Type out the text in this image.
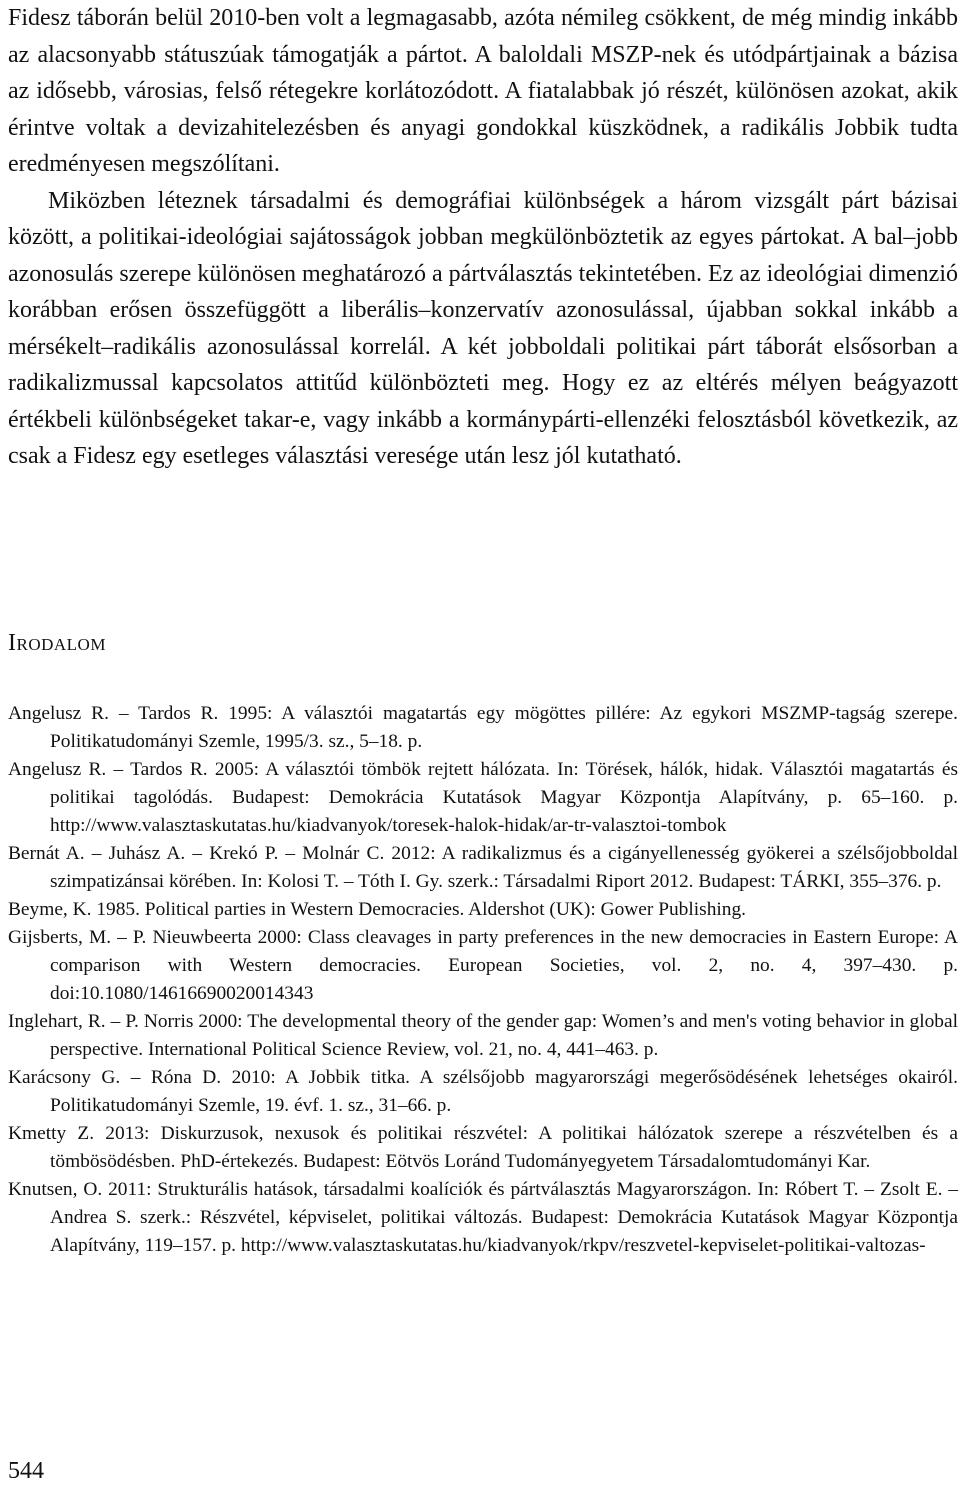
Fidesz táborán belül 2010-ben volt a legmagasabb, azóta némileg csökkent, de még mindig inkább az alacsonyabb státuszúak támogatják a pártot. A baloldali MSZP-nek és utódpártjainak a bázisa az idősebb, városias, felső rétegekre korlátozódott. A fiatalabbak jó részét, különösen azokat, akik érintve voltak a devizahitelezésben és anyagi gondokkal küszködnek, a radikális Jobbik tudta eredményesen megszólítani.

Miközben léteznek társadalmi és demográfiai különbségek a három vizsgált párt bázisai között, a politikai-ideológiai sajátosságok jobban megkülönböztetik az egyes pártokat. A bal–jobb azonosulás szerepe különösen meghatározó a pártválasztás tekintetében. Ez az ideológiai dimenzió korábban erősen összefüggött a liberális–konzervatív azonosulással, újabban sokkal inkább a mérsékelt–radikális azonosulással korrelál. A két jobboldali politikai párt táborát elsősorban a radikalizmussal kapcsolatos attitűd különbözteti meg. Hogy ez az eltérés mélyen beágyazott értékbeli különbségeket takar-e, vagy inkább a kormánypárti-ellenzéki felosztásból következik, az csak a Fidesz egy esetleges választási veresége után lesz jól kutatható.

Irodalom

Angelusz R. – Tardos R. 1995: A választói magatartás egy mögöttes pillére: Az egykori MSZMP-tagság szerepe. Politikatudományi Szemle, 1995/3. sz., 5–18. p.

Angelusz R. – Tardos R. 2005: A választói tömbök rejtett hálózata. In: Törések, hálók, hidak. Választói magatartás és politikai tagolódás. Budapest: Demokrácia Kutatások Magyar Központja Alapítvány, p. 65–160. p. http://www.valasztaskutatas.hu/kiadvanyok/toresek-halok-hidak/ar-tr-valasztoi-tombok

Bernát A. – Juhász A. – Krekó P. – Molnár C. 2012: A radikalizmus és a cigányellenesség gyökerei a szélsőjobboldal szimpatizánsai körében. In: Kolosi T. – Tóth I. Gy. szerk.: Társadalmi Riport 2012. Budapest: TÁRKI, 355–376. p.

Beyme, K. 1985. Political parties in Western Democracies. Aldershot (UK): Gower Publishing.

Gijsberts, M. – P. Nieuwbeerta 2000: Class cleavages in party preferences in the new democracies in Eastern Europe: A comparison with Western democracies. European Societies, vol. 2, no. 4, 397–430. p. doi:10.1080/14616690020014343

Inglehart, R. – P. Norris 2000: The developmental theory of the gender gap: Women’s and men's voting behavior in global perspective. International Political Science Review, vol. 21, no. 4, 441–463. p.

Karácsony G. – Róna D. 2010: A Jobbik titka. A szélsőjobb magyarországi megerősödésének lehetséges okairól. Politikatudományi Szemle, 19. évf. 1. sz., 31–66. p.

Kmetty Z. 2013: Diskurzusok, nexusok és politikai részvétel: A politikai hálózatok szerepe a részvételben és a tömbösödésben. PhD-értekezés. Budapest: Eötvös Loránd Tudományegyetem Társadalomtudományi Kar.

Knutsen, O. 2011: Strukturális hatások, társadalmi koalíciók és pártválasztás Magyarországon. In: Róbert T. – Zsolt E. – Andrea S. szerk.: Részvétel, képviselet, politikai változás. Budapest: Demokrácia Kutatások Magyar Központja Alapítvány, 119–157. p. http://www.valasztaskutatas.hu/kiadvanyok/rkpv/reszvetel-kepviselet-politikai-valtozas-

544
